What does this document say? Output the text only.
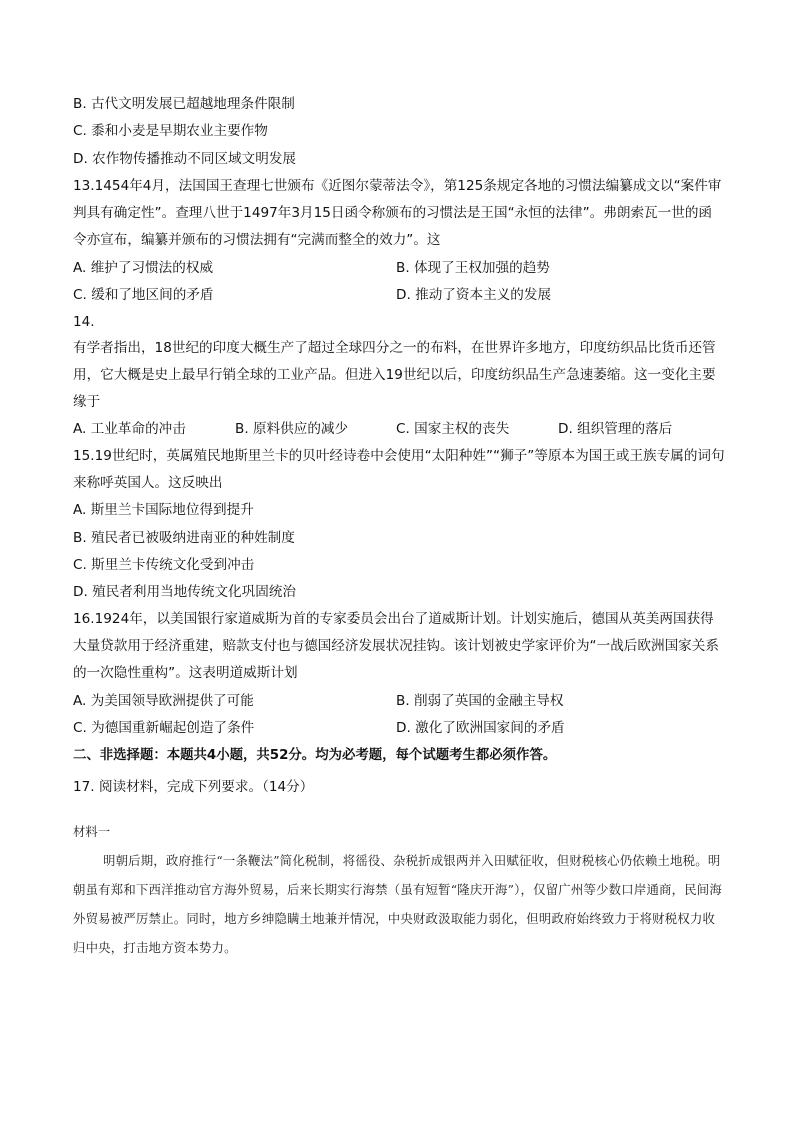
B. 古代文明发展已超越地理条件限制
C. 黍和小麦是早期农业主要作物
D. 农作物传播推动不同区域文明发展
13.1454年4月，法国国王查理七世颁布《近图尔蒙蒂法令》，第125条规定各地的习惯法编纂成文以“案件审判具有确定性”。查理八世于1497年3月15日函令称颁布的习惯法是王国“永恒的法律”。弗朗索瓦一世的函令亦宣布，编纂并颁布的习惯法拥有“完满而整全的效力”。这
A. 维护了习惯法的权威	B. 体现了王权加强的趋势
C. 缓和了地区间的矛盾	D. 推动了资本主义的发展
14.
有学者指出，18世纪的印度大概生产了超过全球四分之一的布料，在世界许多地方，印度纺织品比货币还管用，它大概是史上最早行销全球的工业产品。但进入19世纪以后，印度纺织品生产急速萎缩。这一变化主要缘于
A. 工业革命的冲击	B. 原料供应的减少	C. 国家主权的丧失	D. 组织管理的落后
15.19世纪时，英属殖民地斯里兰卡的贝叶经诗卷中会使用“太阳种姓”“狮子”等原本为国王或王族专属的词句来称呼英国人。这反映出
A. 斯里兰卡国际地位得到提升
B. 殖民者已被吸纳进南亚的种姓制度
C. 斯里兰卡传统文化受到冲击
D. 殖民者利用当地传统文化巩固统治
16.1924年，以美国银行家道威斯为首的专家委员会出台了道威斯计划。计划实施后，德国从英美两国获得大量贷款用于经济重建，赔款支付也与德国经济发展状况挂钩。该计划被史学家评价为“一战后欧洲国家关系的一次隐性重构”。这表明道威斯计划
A. 为美国领导欧洲提供了可能	B. 削弱了英国的金融主导权
C. 为德国重新崛起创造了条件	D. 激化了欧洲国家间的矛盾
二、非选择题：本题共4小题，共52分。均为必考题，每个试题考生都必须作答。
17. 阅读材料，完成下列要求。（14分）
材料一
明朝后期，政府推行“一条鞭法”简化税制，将徭役、杂税折成银两并入田赋征收，但财税核心仍依赖土地税。明朝虽有郑和下西洋推动官方海外贸易，后来长期实行海禁（虽有短暂“隆庆开海”），仅留广州等少数口岸通商，民间海外贸易被严厉禁止。同时，地方乡绅隐瞒土地兼并情况，中央财政汲取能力弱化，但明政府始终致力于将财税权力收归中央，打击地方资本势力。
